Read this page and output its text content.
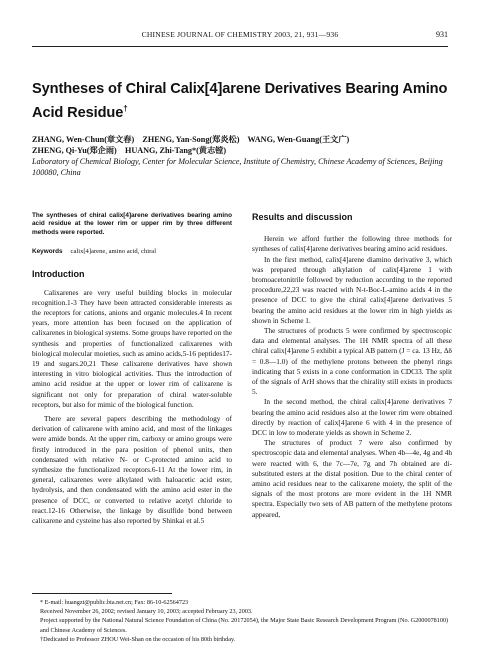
CHINESE JOURNAL OF CHEMISTRY 2003, 21, 931—936	931
Syntheses of Chiral Calix[4]arene Derivatives Bearing Amino Acid Residue†
ZHANG, Wen-Chun(章文春)    ZHENG, Yan-Song(郑炎松)    WANG, Wen-Guang(王文广)
ZHENG, Qi-Yu(郑企雨)    HUANG, Zhi-Tang*(黄志镗)
Laboratory of Chemical Biology, Center for Molecular Science, Institute of Chemistry, Chinese Academy of Sciences, Beijing 100080, China
The syntheses of chiral calix[4]arene derivatives bearing amino acid residue at the lower rim or upper rim by three different methods were reported.
Keywords calix[4]arene, amino acid, chiral
Introduction

Calixarenes are very useful building blocks in molecular recognition.1-3 They have been attracted considerable interests as the receptors for cations, anions and organic molecules.4 In recent years, more attention has been focused on the application of calixarenes in biological systems. Some groups have reported on the synthesis and properties of functionalized calixarenes with biological molecular moieties, such as amino acids,5-16 peptides17-19 and sugars.20,21 These calixarene derivatives have shown interesting in vitro biological activities. Thus the introduction of amino acid residue at the upper or lower rim of calixarene is significant not only for preparation of chiral water-soluble receptors, but also for mimic of the biological function.

There are several papers describing the methodology of derivation of calixarene with amino acid, and most of the linkages were amide bonds. At the upper rim, carboxy or amino groups were firstly introduced in the para position of phenol units, then condensated with relative N- or C-protected amino acid to synthesize the functionalized receptors.6-11 At the lower rim, in general, calixarenes were alkylated with haloacetic acid ester, hydrolysis, and then condensated with the amino acid ester in the presence of DCC, or converted to relative acetyl chloride to react.12-16 Otherwise, the linkage by disulfide bond between calixarene and cysteine has also reported by Shinkai et al.5

Results and discussion

Herein we afford further the following three methods for syntheses of calix[4]arene derivatives bearing amino acid residues.

In the first method, calix[4]arene diamino derivative 3, which was prepared through alkylation of calix[4]arene 1 with bromoacetonitrile followed by reduction according to the reported procedure,22,23 was reacted with N-t-Boc-L-amino acids 4 in the presence of DCC to give the chiral calix[4]arene derivatives 5 bearing the amino acid residues at the lower rim in high yields as shown in Scheme 1.

The structures of products 5 were confirmed by spectroscopic data and elemental analyses. The 1H NMR spectra of all these chiral calix[4]arene 5 exhibit a typical AB pattern (J = ca. 13 Hz, Δδ = 0.8—1.0) of the methylene protons between the phenyl rings indicating that 5 exists in a cone conformation in CDCl3. The split of the signals of ArH shows that the chirality still exists in products 5.

In the second method, the chiral calix[4]arene derivatives 7 bearing the amino acid residues also at the lower rim were obtained directly by reaction of calix[4]arene 6 with 4 in the presence of DCC in low to moderate yields as shown in Scheme 2.

The structures of product 7 were also confirmed by spectroscopic data and elemental analyses. When 4b—4e, 4g and 4h were reacted with 6, the 7c—7e, 7g and 7h obtained are di-substituted esters at the distal position. Due to the chiral center of amino acid residues near to the calixarene moiety, the split of the signals of the most protons are more evident in the 1H NMR spectra. Especially two sets of AB pattern of the methylene protons appeared,

* E-mail: huangzt@public.bta.net.cn; Fax: 86-10-62564723
Received November 26, 2002; revised January 10, 2003; accepted February 23, 2003.
Project supported by the National Natural Science Foundation of China (No. 20172054), the Major State Basic Research Development Program (No. G2000078100) and Chinese Academy of Sciences.
†Dedicated to Professor ZHOU Wei-Shan on the occasion of his 80th birthday.
